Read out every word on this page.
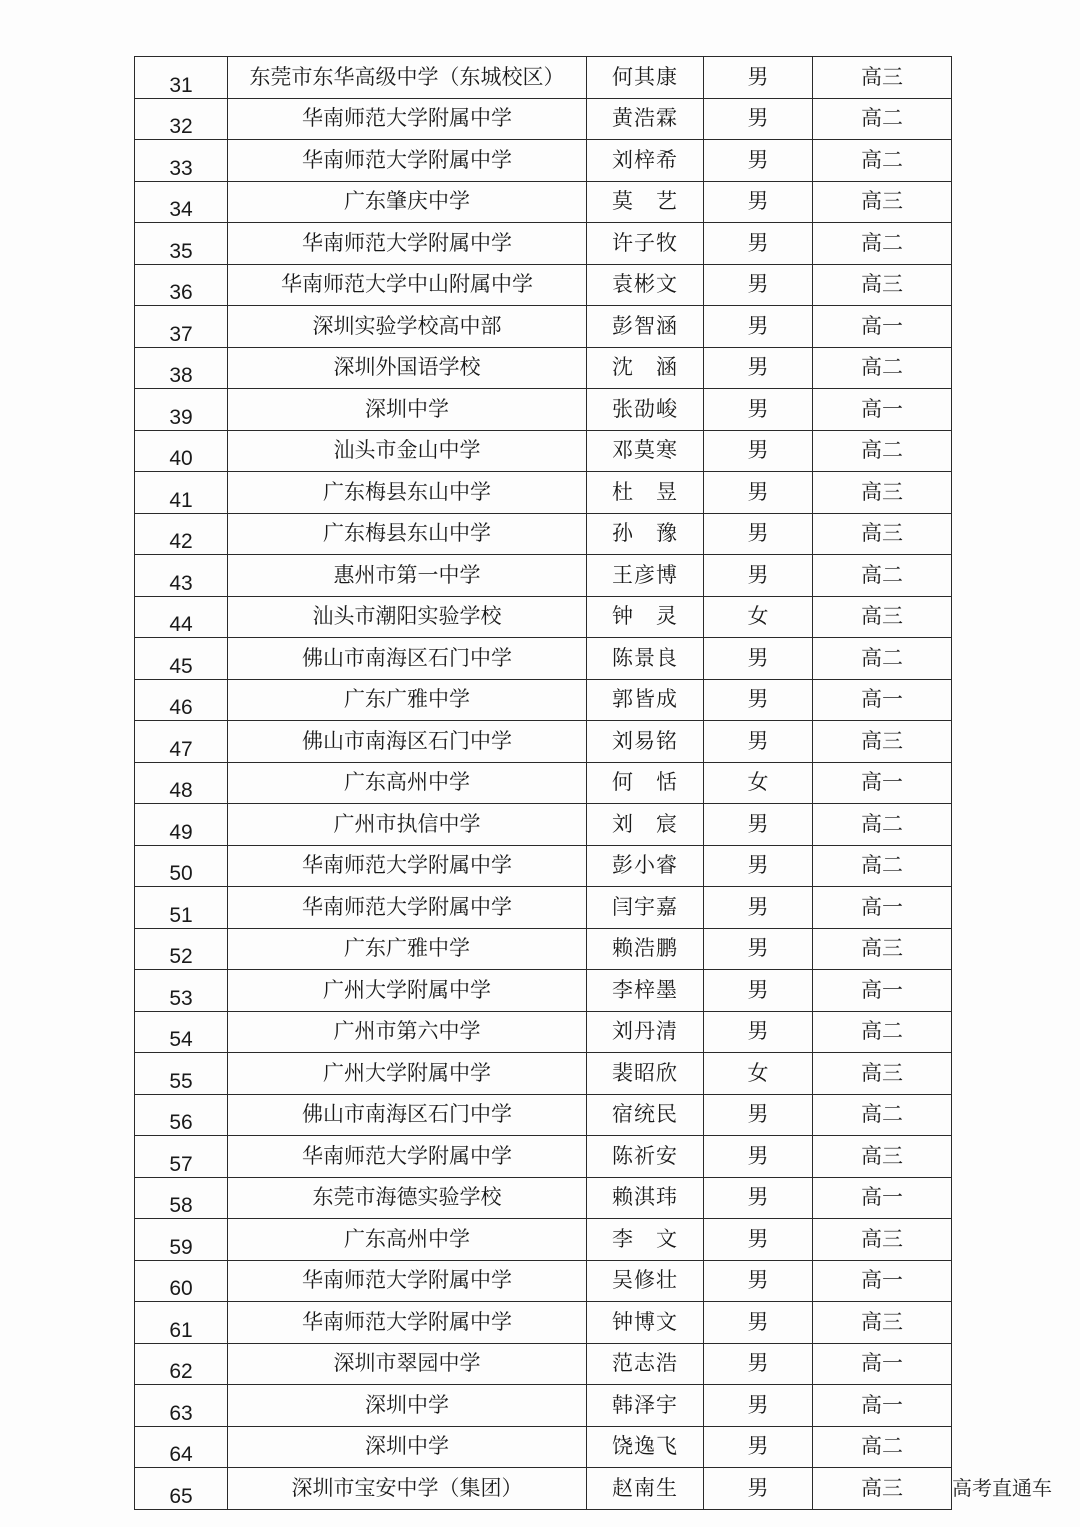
31	东莞市东华高级中学（东城校区）	何其康	男	高三
32	华南师范大学附属中学	黄浩霖	男	高二
33	华南师范大学附属中学	刘梓希	男	高二
34	广东肇庆中学	莫　艺	男	高三
35	华南师范大学附属中学	许子牧	男	高二
36	华南师范大学中山附属中学	袁彬文	男	高三
37	深圳实验学校高中部	彭智涵	男	高一
38	深圳外国语学校	沈　涵	男	高二
39	深圳中学	张劭峻	男	高一
40	汕头市金山中学	邓莫寒	男	高二
41	广东梅县东山中学	杜　昱	男	高三
42	广东梅县东山中学	孙　豫	男	高三
43	惠州市第一中学	王彦博	男	高二
44	汕头市潮阳实验学校	钟　灵	女	高三
45	佛山市南海区石门中学	陈景良	男	高二
46	广东广雅中学	郭皆成	男	高一
47	佛山市南海区石门中学	刘易铭	男	高三
48	广东高州中学	何　恬	女	高一
49	广州市执信中学	刘　宸	男	高二
50	华南师范大学附属中学	彭小睿	男	高二
51	华南师范大学附属中学	闫宇嘉	男	高一
52	广东广雅中学	赖浩鹏	男	高三
53	广州大学附属中学	李梓墨	男	高一
54	广州市第六中学	刘丹清	男	高二
55	广州大学附属中学	裴昭欣	女	高三
56	佛山市南海区石门中学	宿统民	男	高二
57	华南师范大学附属中学	陈祈安	男	高三
58	东莞市海德实验学校	赖淇玮	男	高一
59	广东高州中学	李　文	男	高三
60	华南师范大学附属中学	吴修壮	男	高一
61	华南师范大学附属中学	钟博文	男	高三
62	深圳市翠园中学	范志浩	男	高一
63	深圳中学	韩泽宇	男	高一
64	深圳中学	饶逸飞	男	高二
65	深圳市宝安中学（集团）	赵南生	男	高三 高考直通车
